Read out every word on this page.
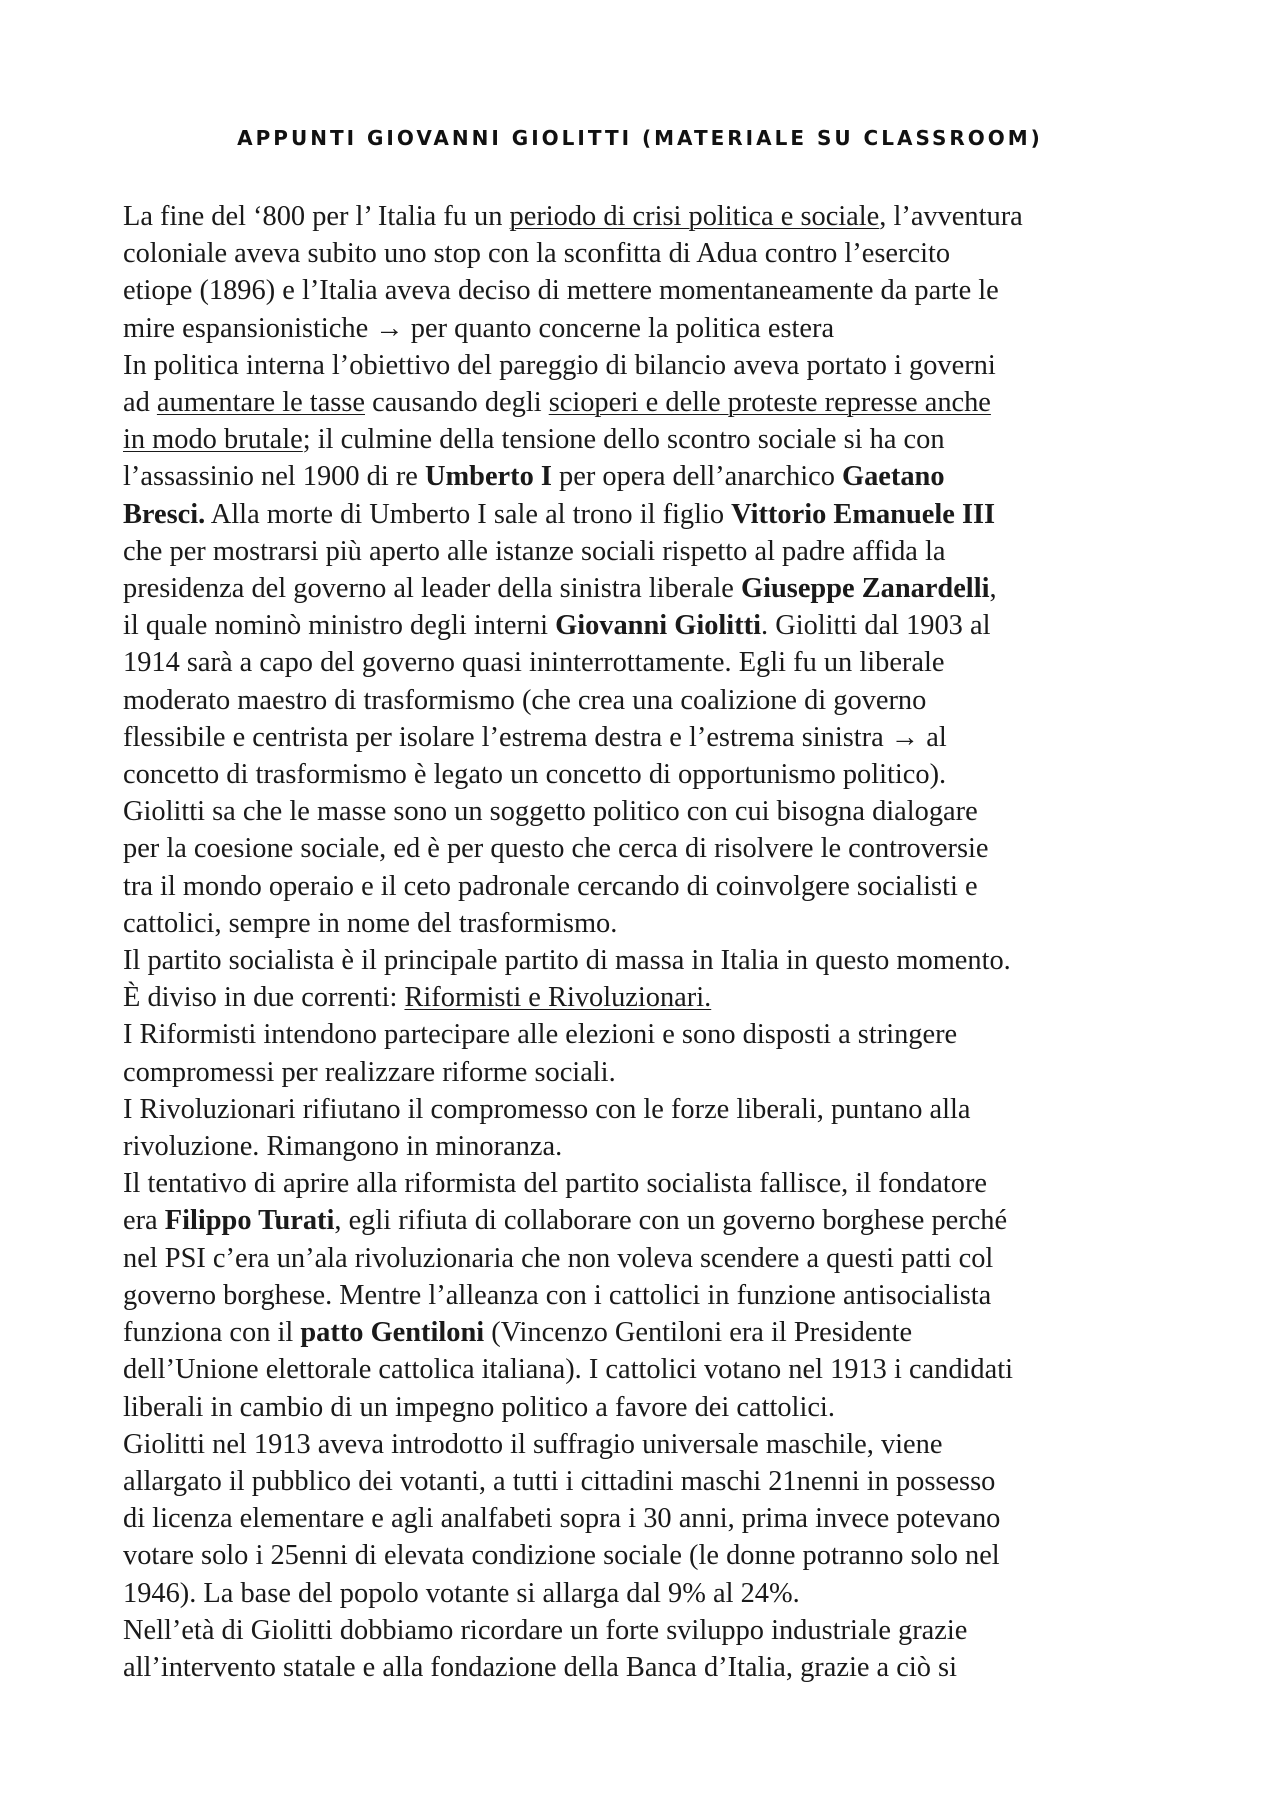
APPUNTI GIOVANNI GIOLITTI (MATERIALE SU CLASSROOM)
La fine del ‘800 per l’ Italia fu un periodo di crisi politica e sociale, l’avventura
coloniale aveva subito uno stop con la sconfitta di Adua contro l’esercito
etiope (1896) e l’Italia aveva deciso di mettere momentaneamente da parte le
mire espansionistiche → per quanto concerne la politica estera
In politica interna l’obiettivo del pareggio di bilancio aveva portato i governi
ad aumentare le tasse causando degli scioperi e delle proteste represse anche
in modo brutale; il culmine della tensione dello scontro sociale si ha con
l’assassinio nel 1900 di re Umberto I per opera dell’anarchico Gaetano
Bresci. Alla morte di Umberto I sale al trono il figlio Vittorio Emanuele III
che per mostrarsi più aperto alle istanze sociali rispetto al padre affida la
presidenza del governo al leader della sinistra liberale Giuseppe Zanardelli,
il quale nominò ministro degli interni Giovanni Giolitti. Giolitti dal 1903 al
1914 sarà a capo del governo quasi ininterrottamente. Egli fu un liberale
moderato maestro di trasformismo (che crea una coalizione di governo
flessibile e centrista per isolare l’estrema destra e l’estrema sinistra → al
concetto di trasformismo è legato un concetto di opportunismo politico).
Giolitti sa che le masse sono un soggetto politico con cui bisogna dialogare
per la coesione sociale, ed è per questo che cerca di risolvere le controversie
tra il mondo operaio e il ceto padronale cercando di coinvolgere socialisti e
cattolici, sempre in nome del trasformismo.
Il partito socialista è il principale partito di massa in Italia in questo momento.
È diviso in due correnti: Riformisti e Rivoluzionari.
I Riformisti intendono partecipare alle elezioni e sono disposti a stringere
compromessi per realizzare riforme sociali.
I Rivoluzionari rifiutano il compromesso con le forze liberali, puntano alla
rivoluzione. Rimangono in minoranza.
Il tentativo di aprire alla riformista del partito socialista fallisce, il fondatore
era Filippo Turati, egli rifiuta di collaborare con un governo borghese perché
nel PSI c’era un’ala rivoluzionaria che non voleva scendere a questi patti col
governo borghese. Mentre l’alleanza con i cattolici in funzione antisocialista
funziona con il patto Gentiloni (Vincenzo Gentiloni era il Presidente
dell’Unione elettorale cattolica italiana). I cattolici votano nel 1913 i candidati
liberali in cambio di un impegno politico a favore dei cattolici.
Giolitti nel 1913 aveva introdotto il suffragio universale maschile, viene
allargato il pubblico dei votanti, a tutti i cittadini maschi 21nenni in possesso
di licenza elementare e agli analfabeti sopra i 30 anni, prima invece potevano
votare solo i 25enni di elevata condizione sociale (le donne potranno solo nel
1946). La base del popolo votante si allarga dal 9% al 24%.
Nell’età di Giolitti dobbiamo ricordare un forte sviluppo industriale grazie
all’intervento statale e alla fondazione della Banca d’Italia, grazie a ciò si
